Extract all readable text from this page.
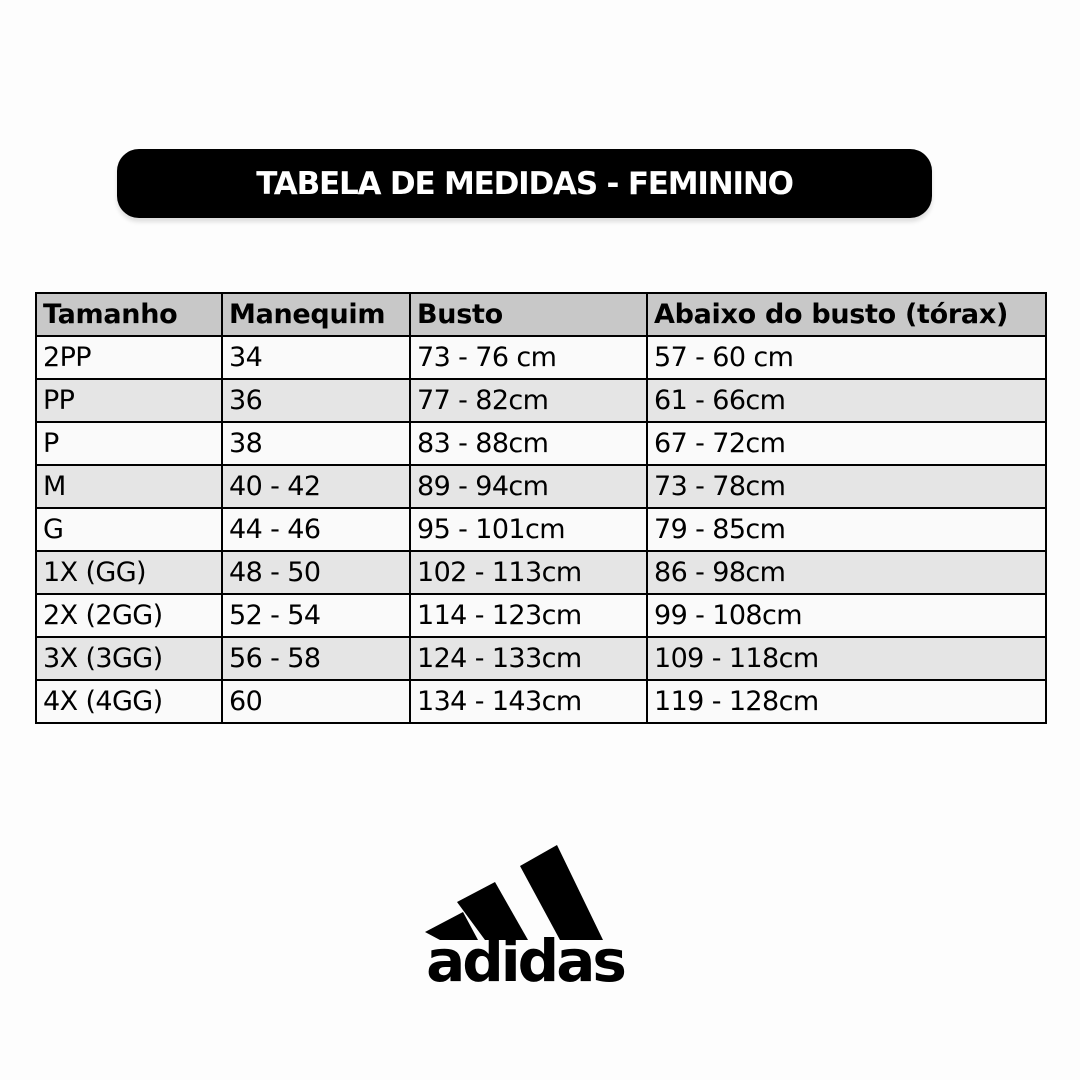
TABELA DE MEDIDAS - FEMININO
Tamanho	Manequim	Busto	Abaixo do busto (tórax)
2PP	34	73 - 76 cm	57 - 60 cm
PP	36	77 - 82cm	61 - 66cm
P	38	83 - 88cm	67 - 72cm
M	40 - 42	89 - 94cm	73 - 78cm
G	44 - 46	95 - 101cm	79 - 85cm
1X (GG)	48 - 50	102 - 113cm	86 - 98cm
2X (2GG)	52 - 54	114 - 123cm	99 - 108cm
3X (3GG)	56 - 58	124 - 133cm	109 - 118cm
4X (4GG)	60	134 - 143cm	119 - 128cm
adidas
